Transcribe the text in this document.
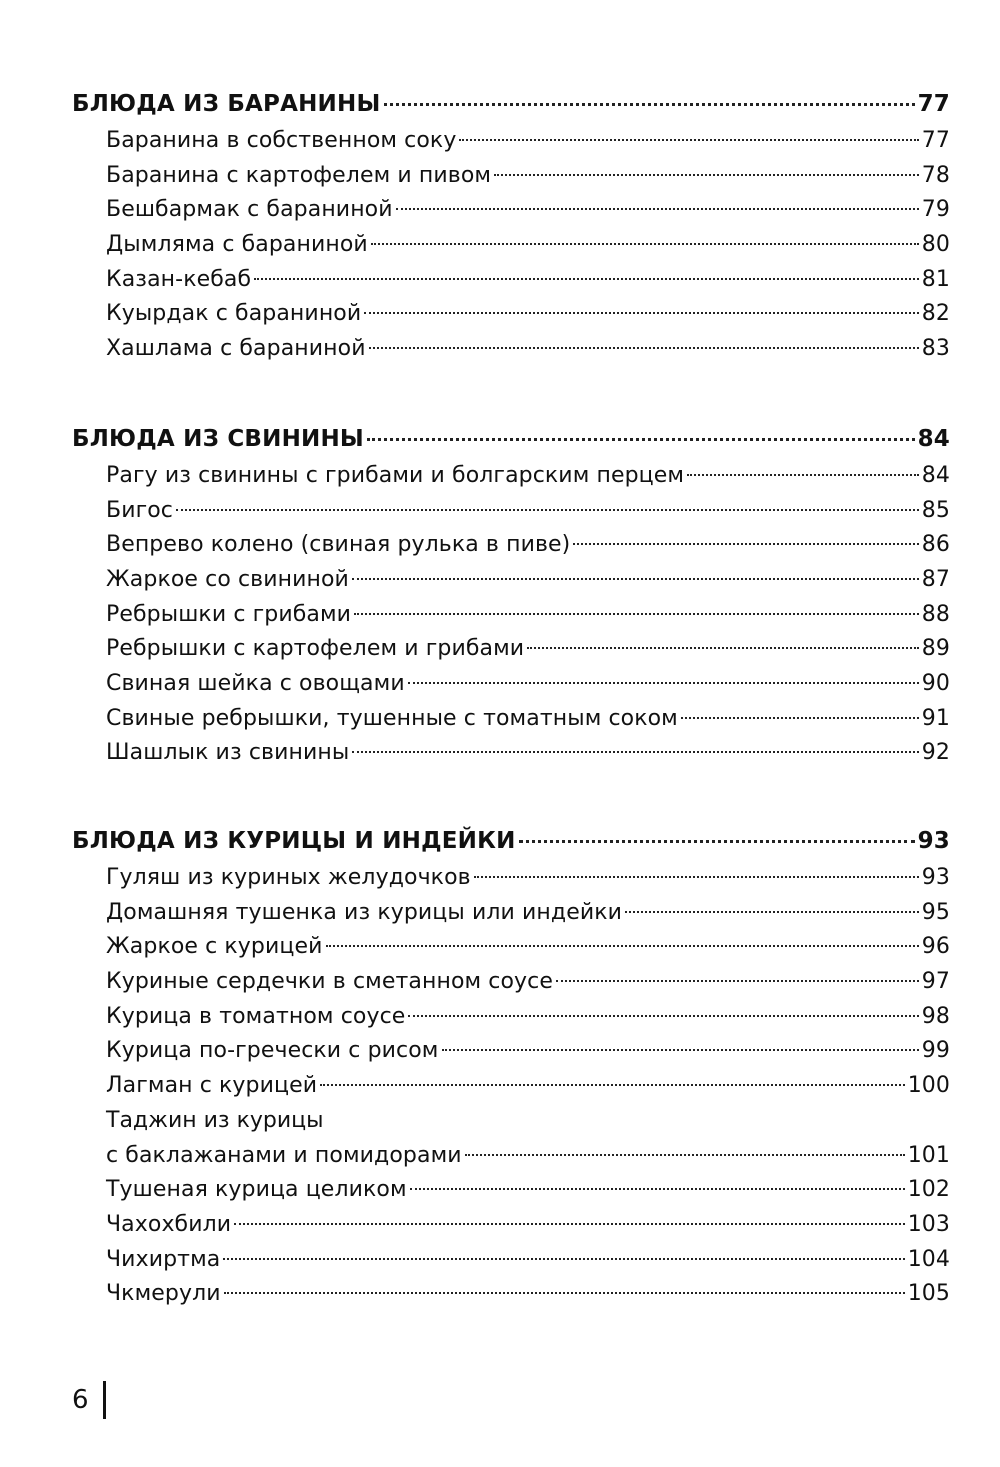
БЛЮДА ИЗ БАРАНИНЫ	77
Баранина в собственном соку	77
Баранина с картофелем и пивом	78
Бешбармак с бараниной	79
Дымляма с бараниной	80
Казан-кебаб	81
Куырдак с бараниной	82
Хашлама с бараниной	83
БЛЮДА ИЗ СВИНИНЫ	84
Рагу из свинины с грибами и болгарским перцем	84
Бигос	85
Вепрево колено (свиная рулька в пиве)	86
Жаркое со свининой	87
Ребрышки с грибами	88
Ребрышки с картофелем и грибами	89
Свиная шейка с овощами	90
Свиные ребрышки, тушенные с томатным соком	91
Шашлык из свинины	92
БЛЮДА ИЗ КУРИЦЫ И ИНДЕЙКИ	93
Гуляш из куриных желудочков	93
Домашняя тушенка из курицы или индейки	95
Жаркое с курицей	96
Куриные сердечки в сметанном соусе	97
Курица в томатном соусе	98
Курица по-гречески с рисом	99
Лагман с курицей	100
Таджин из курицы
с баклажанами и помидорами	101
Тушеная курица целиком	102
Чахохбили	103
Чихиртма	104
Чкмерули	105
6
